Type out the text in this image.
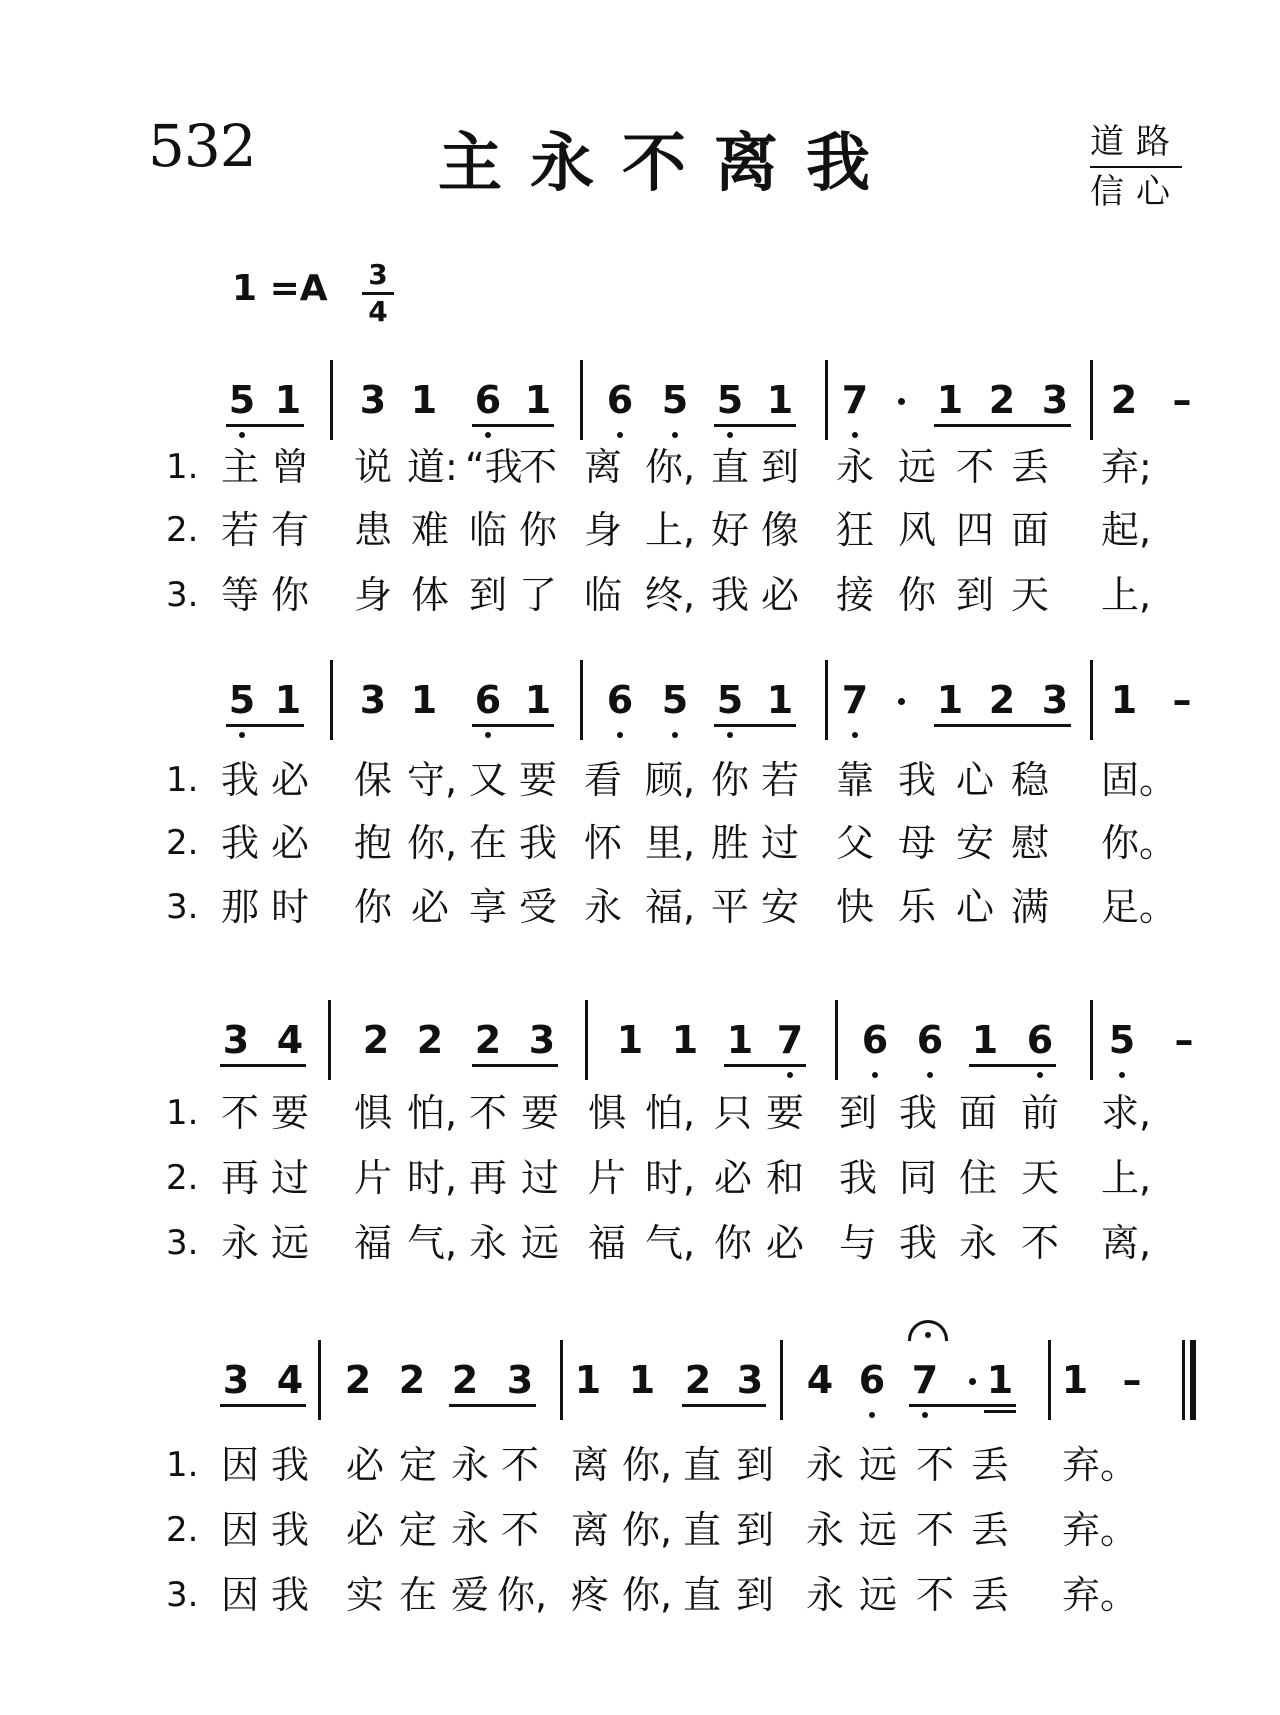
532	主永不离我	道路
信心
1 =A	3
4
5 1 3 1 6 1 6 5 5 1 7 1 2 3 2 –
5 1 3 1 6 1 6 5 5 1 7 1 2 3 1 –
3 4 2 2 2 3 1 1 1 7 6 6 1 6 5 –
3 4 2 2 2 3 1 1 2 3 4 6 7 1 1 –
1. 主 曾 说 道: “我
不 离 你, 直 到 永 远 不 丢 弃;
2. 若 有 患 难 临 你 身 上, 好 像 狂 风 四 面 起,
3. 等 你 身 体 到 了 临 终, 我 必 接 你 到 天 上,
1. 我 必 保 守, 又 要 看 顾, 你 若 靠 我 心 稳 固。
2. 我 必 抱 你, 在 我 怀 里, 胜 过 父 母 安 慰 你。
3. 那 时 你 必 享 受 永 福, 平 安 快 乐 心 满 足。
1. 不 要 惧 怕, 不 要 惧 怕, 只 要 到 我 面 前 求,
2. 再 过 片 时, 再 过 片 时, 必 和 我 同 住 天 上,
3. 永 远 福 气, 永 远 福 气, 你 必 与 我 永 不 离,
1. 因 我 必 定 永 不 离 你, 直 到 永 远 不 丢 弃。
2. 因 我 必 定 永 不 离 你, 直 到 永 远 不 丢 弃。
3. 因 我 实 在 爱 你, 疼 你, 直 到 永 远 不 丢 弃。
